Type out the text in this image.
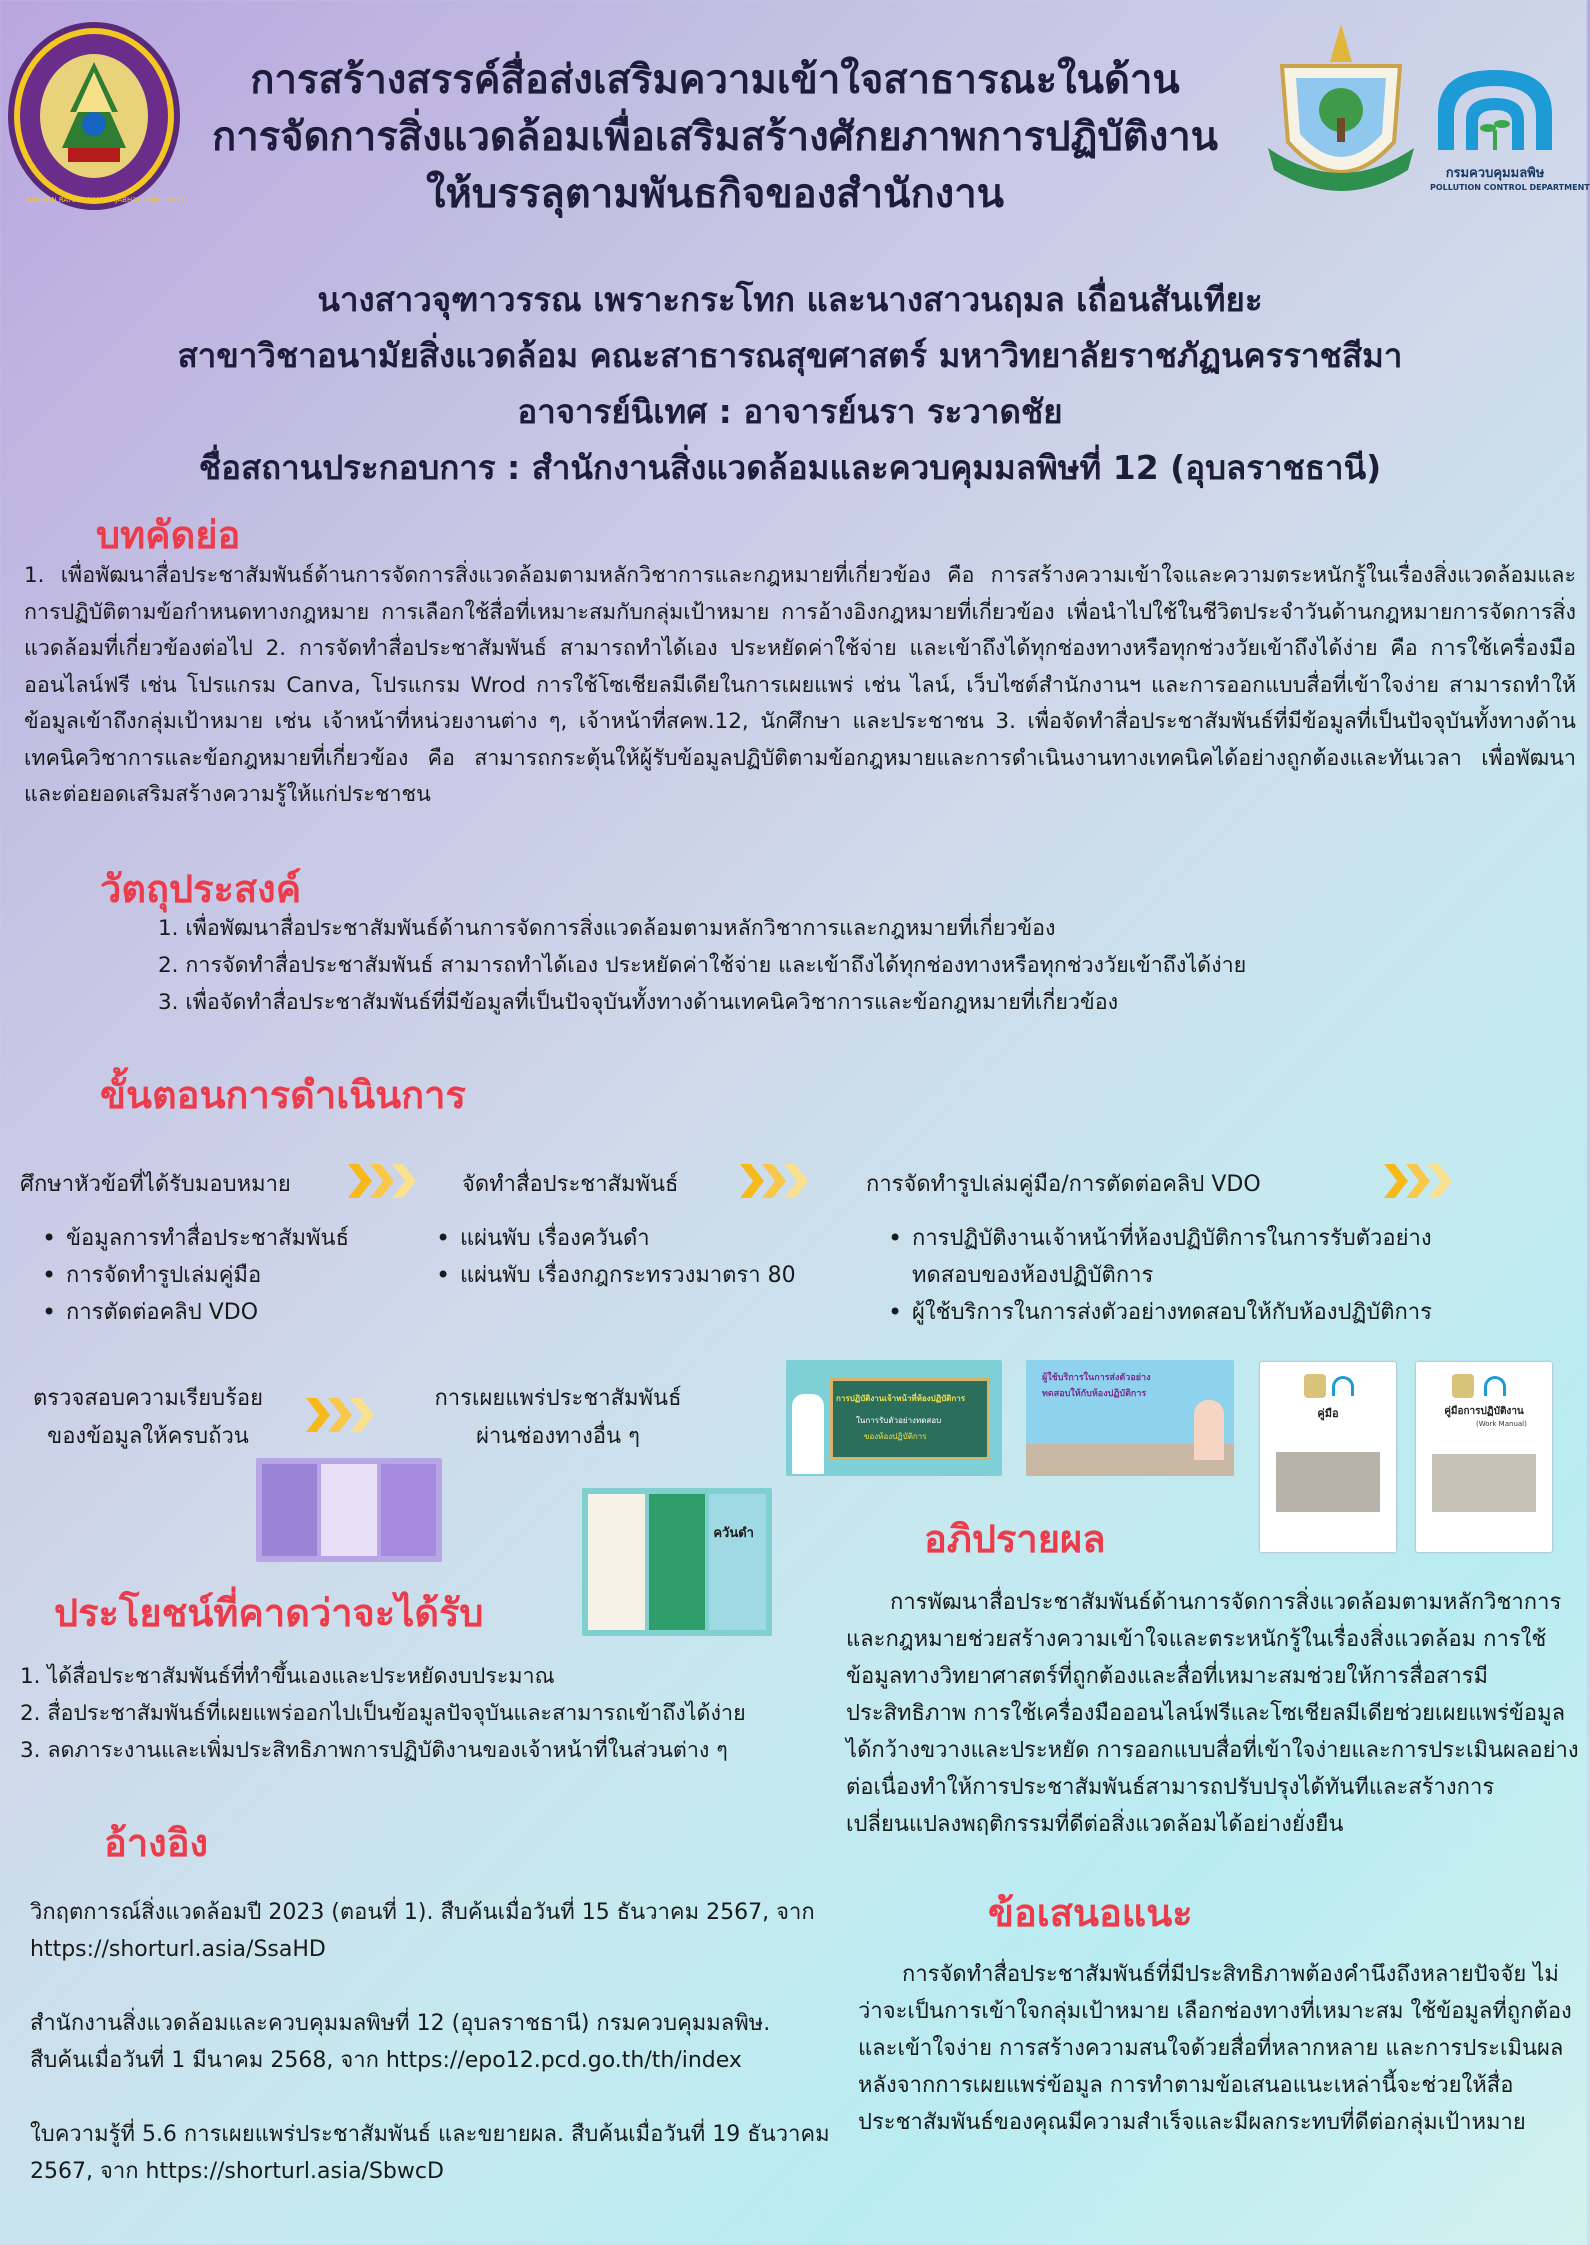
NAKHON RATCHASIMA RAJABHAT UNIVERSITY
กรมควบคุมมลพิษ
POLLUTION CONTROL DEPARTMENT
การสร้างสรรค์สื่อส่งเสริมความเข้าใจสาธารณะในด้าน
การจัดการสิ่งแวดล้อมเพื่อเสริมสร้างศักยภาพการปฏิบัติงาน
ให้บรรลุตามพันธกิจของสำนักงาน
นางสาวจุฑาวรรณ เพราะกระโทก และนางสาวนฤมล เถื่อนสันเทียะ
สาขาวิชาอนามัยสิ่งแวดล้อม คณะสาธารณสุขศาสตร์ มหาวิทยาลัยราชภัฏนครราชสีมา
อาจารย์นิเทศ : อาจารย์นรา ระวาดชัย
ชื่อสถานประกอบการ : สำนักงานสิ่งแวดล้อมและควบคุมมลพิษที่ 12 (อุบลราชธานี)
บทคัดย่อ
1. เพื่อพัฒนาสื่อประชาสัมพันธ์ด้านการจัดการสิ่งแวดล้อมตามหลักวิชาการและกฎหมายที่เกี่ยวข้อง คือ การสร้างความเข้าใจและความตระหนักรู้ในเรื่องสิ่งแวดล้อมและการปฏิบัติตามข้อกำหนดทางกฎหมาย การเลือกใช้สื่อที่เหมาะสมกับกลุ่มเป้าหมาย การอ้างอิงกฎหมายที่เกี่ยวข้อง เพื่อนำไปใช้ในชีวิตประจำวันด้านกฎหมายการจัดการสิ่งแวดล้อมที่เกี่ยวข้องต่อไป 2. การจัดทำสื่อประชาสัมพันธ์ สามารถทำได้เอง ประหยัดค่าใช้จ่าย และเข้าถึงได้ทุกช่องทางหรือทุกช่วงวัยเข้าถึงได้ง่าย คือ การใช้เครื่องมือออนไลน์ฟรี เช่น โปรแกรม Canva, โปรแกรม Wrod การใช้โซเชียลมีเดียในการเผยแพร่ เช่น ไลน์, เว็บไซต์สำนักงานฯ และการออกแบบสื่อที่เข้าใจง่าย สามารถทำให้ข้อมูลเข้าถึงกลุ่มเป้าหมาย เช่น เจ้าหน้าที่หน่วยงานต่าง ๆ, เจ้าหน้าที่สคพ.12, นักศึกษา และประชาชน 3. เพื่อจัดทำสื่อประชาสัมพันธ์ที่มีข้อมูลที่เป็นปัจจุบันทั้งทางด้านเทคนิควิชาการและข้อกฎหมายที่เกี่ยวข้อง คือ สามารถกระตุ้นให้ผู้รับข้อมูลปฏิบัติตามข้อกฎหมายและการดำเนินงานทางเทคนิคได้อย่างถูกต้องและทันเวลา เพื่อพัฒนาและต่อยอดเสริมสร้างความรู้ให้แก่ประชาชน
วัตถุประสงค์
1. เพื่อพัฒนาสื่อประชาสัมพันธ์ด้านการจัดการสิ่งแวดล้อมตามหลักวิชาการและกฎหมายที่เกี่ยวข้อง
2. การจัดทำสื่อประชาสัมพันธ์ สามารถทำได้เอง ประหยัดค่าใช้จ่าย และเข้าถึงได้ทุกช่องทางหรือทุกช่วงวัยเข้าถึงได้ง่าย
3. เพื่อจัดทำสื่อประชาสัมพันธ์ที่มีข้อมูลที่เป็นปัจจุบันทั้งทางด้านเทคนิควิชาการและข้อกฎหมายที่เกี่ยวข้อง
ขั้นตอนการดำเนินการ
ศึกษาหัวข้อที่ได้รับมอบหมาย	จัดทำสื่อประชาสัมพันธ์	การจัดทำรูปเล่มคู่มือ/การตัดต่อคลิป VDO
• ข้อมูลการทำสื่อประชาสัมพันธ์
• การจัดทำรูปเล่มคู่มือ
• การตัดต่อคลิป VDO
• แผ่นพับ เรื่องควันดำ
• แผ่นพับ เรื่องกฎกระทรวงมาตรา 80
• การปฏิบัติงานเจ้าหน้าที่ห้องปฏิบัติการในการรับตัวอย่างทดสอบของห้องปฏิบัติการ
• ผู้ใช้บริการในการส่งตัวอย่างทดสอบให้กับห้องปฏิบัติการ
ตรวจสอบความเรียบร้อย
ของข้อมูลให้ครบถ้วน
การเผยแพร่ประชาสัมพันธ์
ผ่านช่องทางอื่น ๆ
ควันดำ
การปฏิบัติงานเจ้าหน้าที่ห้องปฏิบัติการ
ในการรับตัวอย่างทดสอบ
ของห้องปฏิบัติการ
ผู้ใช้บริการในการส่งตัวอย่าง
ทดสอบให้กับห้องปฏิบัติการ
คู่มือ	คู่มือการปฏิบัติงาน
(Work Manual)
ประโยชน์ที่คาดว่าจะได้รับ
1. ได้สื่อประชาสัมพันธ์ที่ทำขึ้นเองและประหยัดงบประมาณ
2. สื่อประชาสัมพันธ์ที่เผยแพร่ออกไปเป็นข้อมูลปัจจุบันและสามารถเข้าถึงได้ง่าย
3. ลดภาระงานและเพิ่มประสิทธิภาพการปฏิบัติงานของเจ้าหน้าที่ในส่วนต่าง ๆ
อ้างอิง

วิกฤตการณ์สิ่งแวดล้อมปี 2023 (ตอนที่ 1). สืบค้นเมื่อวันที่ 15 ธันวาคม 2567, จาก https://shorturl.asia/SsaHD

สำนักงานสิ่งแวดล้อมและควบคุมมลพิษที่ 12 (อุบลราชธานี) กรมควบคุมมลพิษ. สืบค้นเมื่อวันที่ 1 มีนาคม 2568, จาก https://epo12.pcd.go.th/th/index

ใบความรู้ที่ 5.6 การเผยแพร่ประชาสัมพันธ์ และขยายผล. สืบค้นเมื่อวันที่ 19 ธันวาคม 2567, จาก https://shorturl.asia/SbwcD

อภิปรายผล
การพัฒนาสื่อประชาสัมพันธ์ด้านการจัดการสิ่งแวดล้อมตามหลักวิชาการและกฎหมายช่วยสร้างความเข้าใจและตระหนักรู้ในเรื่องสิ่งแวดล้อม การใช้ข้อมูลทางวิทยาศาสตร์ที่ถูกต้องและสื่อที่เหมาะสมช่วยให้การสื่อสารมีประสิทธิภาพ การใช้เครื่องมือออนไลน์ฟรีและโซเชียลมีเดียช่วยเผยแพร่ข้อมูลได้กว้างขวางและประหยัด การออกแบบสื่อที่เข้าใจง่ายและการประเมินผลอย่างต่อเนื่องทำให้การประชาสัมพันธ์สามารถปรับปรุงได้ทันทีและสร้างการเปลี่ยนแปลงพฤติกรรมที่ดีต่อสิ่งแวดล้อมได้อย่างยั่งยืน
ข้อเสนอแนะ
การจัดทำสื่อประชาสัมพันธ์ที่มีประสิทธิภาพต้องคำนึงถึงหลายปัจจัย ไม่ว่าจะเป็นการเข้าใจกลุ่มเป้าหมาย เลือกช่องทางที่เหมาะสม ใช้ข้อมูลที่ถูกต้องและเข้าใจง่าย การสร้างความสนใจด้วยสื่อที่หลากหลาย และการประเมินผลหลังจากการเผยแพร่ข้อมูล การทำตามข้อเสนอแนะเหล่านี้จะช่วยให้สื่อประชาสัมพันธ์ของคุณมีความสำเร็จและมีผลกระทบที่ดีต่อกลุ่มเป้าหมาย
